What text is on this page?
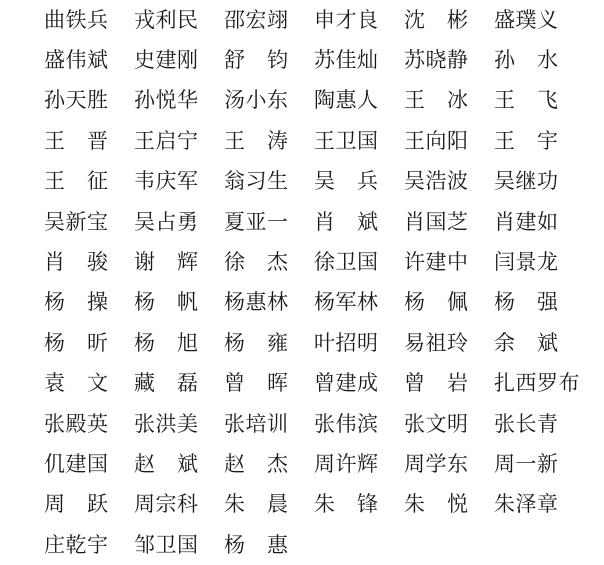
曲铁兵	戎利民	邵宏翊	申才良	沈　彬	盛璞义
盛伟斌	史建刚	舒　钧	苏佳灿	苏晓静	孙　水
孙天胜	孙悦华	汤小东	陶惠人	王　冰	王　飞
王　晋	王启宁	王　涛	王卫国	王向阳	王　宇
王　征	韦庆军	翁习生	吴　兵	吴浩波	吴继功
吴新宝	吴占勇	夏亚一	肖　斌	肖国芝	肖建如
肖　骏	谢　辉	徐　杰	徐卫国	许建中	闫景龙
杨　操	杨　帆	杨惠林	杨军林	杨　佩	杨　强
杨　昕	杨　旭	杨　雍	叶招明	易祖玲	余　斌
袁　文	藏　磊	曾　晖	曾建成	曾　岩	扎西罗布
张殿英	张洪美	张培训	张伟滨	张文明	张长青
仉建国	赵　斌	赵　杰	周许辉	周学东	周一新
周　跃	周宗科	朱　晨	朱　锋	朱　悦	朱泽章
庄乾宇	邹卫国	杨　惠
